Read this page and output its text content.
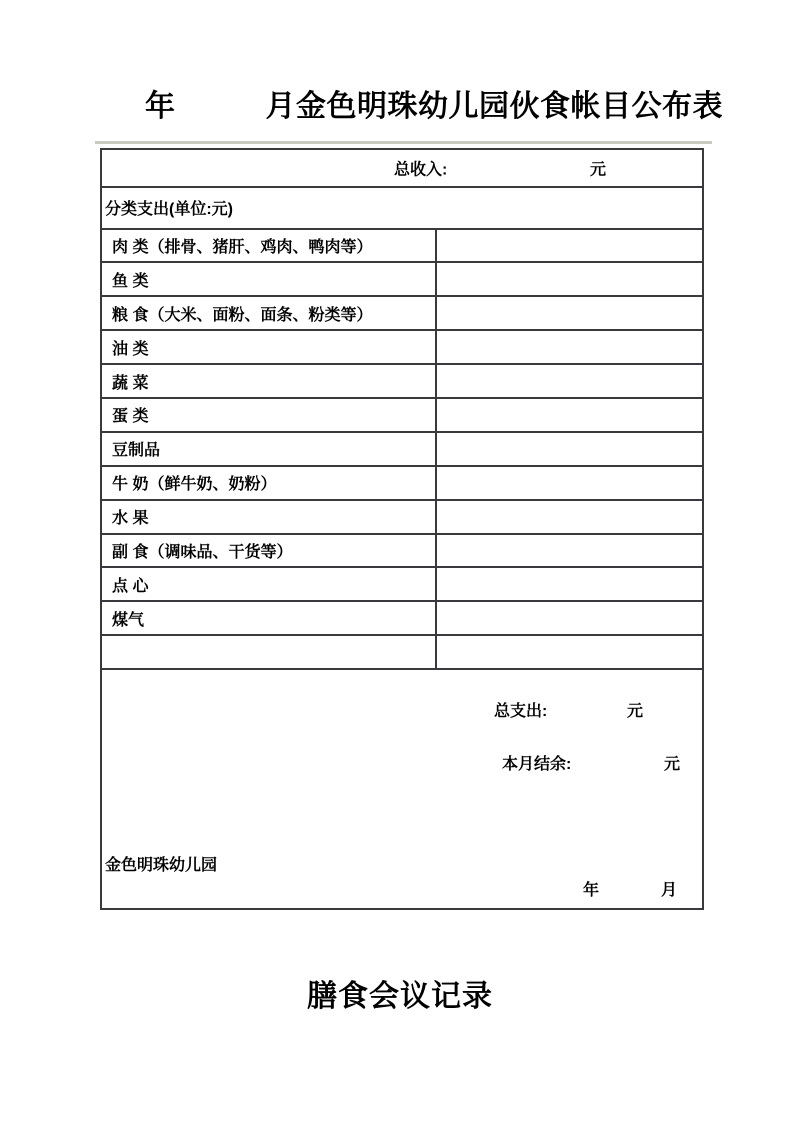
年	月金色明珠幼儿园伙食帐目公布表
总收入: 元	

分类支出(单位:元)	
肉 类（排骨、猪肝、鸡肉、鸭肉等）	
鱼 类	
粮 食（大米、面粉、面条、粉类等）	
油 类	
蔬 菜	
蛋 类	
豆制品	
牛 奶（鲜牛奶、奶粉）	
水 果	
副 食（调味品、干货等）	
点 心	
煤气	

总支出:	元
本月结余:	元
金色明珠幼儿园
年	月
膳食会议记录
